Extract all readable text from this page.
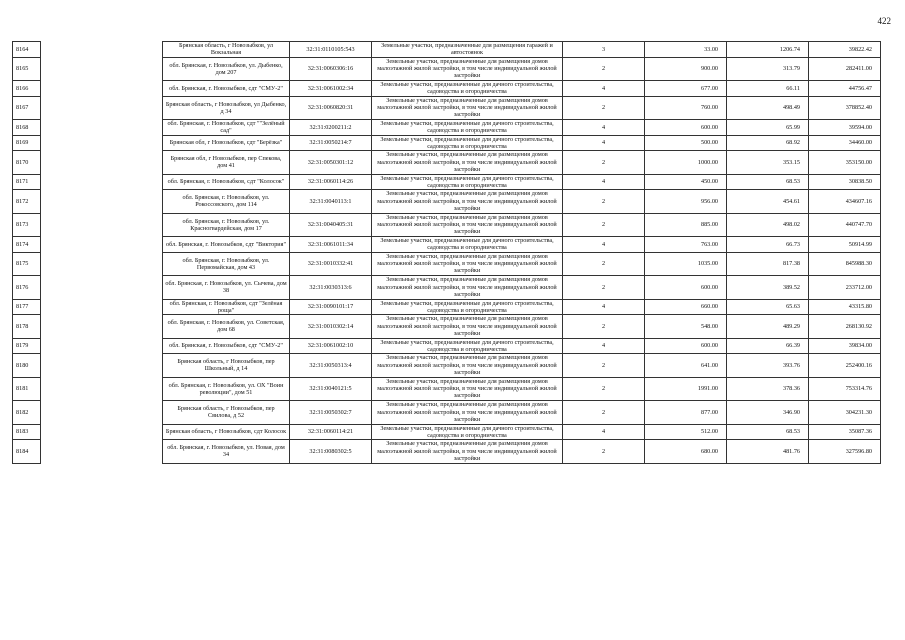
422
8164		Брянская область, г Новозыбков, ул Вокзальная	32:31:0110105:543	Земельные участки, предназначенные для размещения гаражей и автостоянок	3	33.00	1206.74	39822.42
8165		обл. Брянская, г. Новозыбков, ул. Дыбенко, дом 207	32:31:0060306:16	Земельные участки, предназначенные для размещения домов малоэтажной жилой застройки, в том числе индивидуальной жилой застройки	2	900.00	313.79	282411.00
8166		обл. Брянская, г. Новозыбков, сдт "СМУ-2"	32:31:0061002:34	Земельные участки, предназначенные для дачного строительства, садоводства и огородничества	4	677.00	66.11	44756.47
8167		Брянская область, г Новозыбков, ул Дыбенко, д 34	32:31:0060820:31	Земельные участки, предназначенные для размещения домов малоэтажной жилой застройки, в том числе индивидуальной жилой застройки	2	760.00	498.49	378852.40
8168		обл. Брянская, г. Новозыбков, сдт ""Зелёный сад"	32:31:0200211:2	Земельные участки, предназначенные для дачного строительства, садоводства и огородничества	4	600.00	65.99	39594.00
8169		Брянская обл, г Новозыбков, сдт "Берёзка"	32:31:0050214:7	Земельные участки, предназначенные для дачного строительства, садоводства и огородничества	4	500.00	68.92	34460.00
8170		Брянская обл, г Новозыбков, пер Спекова, дом 41	32:31:0050301:12	Земельные участки, предназначенные для размещения домов малоэтажной жилой застройки, в том числе индивидуальной жилой застройки	2	1000.00	353.15	353150.00
8171		обл. Брянская, г. Новозыбков, сдт "Колосок"	32:31:0060114:26	Земельные участки, предназначенные для дачного строительства, садоводства и огородничества	4	450.00	68.53	30838.50
8172		обл. Брянская, г. Новозыбков, ул. Рокоссовского, дом 114	32:31:0040113:1	Земельные участки, предназначенные для размещения домов малоэтажной жилой застройки, в том числе индивидуальной жилой застройки	2	956.00	454.61	434607.16
8173		обл. Брянская, г. Новозыбков, ул. Красногвардейская, дом 17	32:31:0040405:31	Земельные участки, предназначенные для размещения домов малоэтажной жилой застройки, в том числе индивидуальной жилой застройки	2	885.00	498.02	440747.70
8174		обл. Брянская, г. Новозыбков, сдт "Виктория"	32:31:0061011:34	Земельные участки, предназначенные для дачного строительства, садоводства и огородничества	4	763.00	66.73	50914.99
8175		обл. Брянская, г. Новозыбков, ул. Первомайская, дом 43	32:31:0010332:41	Земельные участки, предназначенные для размещения домов малоэтажной жилой застройки, в том числе индивидуальной жилой застройки	2	1035.00	817.38	845988.30
8176		обл. Брянская, г. Новозыбков, ул. Сычева, дом 38	32:31:0030313:6	Земельные участки, предназначенные для размещения домов малоэтажной жилой застройки, в том числе индивидуальной жилой застройки	2	600.00	389.52	233712.00
8177		обл. Брянская, г. Новозыбков, сдт "Зелёная роща"	32:31:0090101:17	Земельные участки, предназначенные для дачного строительства, садоводства и огородничества	4	660.00	65.63	43315.80
8178		обл. Брянская, г. Новозыбков, ул. Советская, дом 68	32:31:0010302:14	Земельные участки, предназначенные для размещения домов малоэтажной жилой застройки, в том числе индивидуальной жилой застройки	2	548.00	489.29	268130.92
8179		обл. Брянская, г. Новозыбков, сдт "СМУ-2"	32:31:0061002:10	Земельные участки, предназначенные для дачного строительства, садоводства и огородничества	4	600.00	66.39	39834.00
8180		Брянская область, г Новозыбков, пер Школьный, д 14	32:31:0050313:4	Земельные участки, предназначенные для размещения домов малоэтажной жилой застройки, в том числе индивидуальной жилой застройки	2	641.00	393.76	252400.16
8181		обл. Брянская, г. Новозыбков, ул. ОХ "Воин революции", дом 51	32:31:0040121:5	Земельные участки, предназначенные для размещения домов малоэтажной жилой застройки, в том числе индивидуальной жилой застройки	2	1991.00	378.36	753314.76
8182		Брянская область, г Новозыбков, пер Свилова, д 52	32:31:0050302:7	Земельные участки, предназначенные для размещения домов малоэтажной жилой застройки, в том числе индивидуальной жилой застройки	2	877.00	346.90	304231.30
8183		Брянская область, г Новозыбков, сдт Колосок	32:31:0060114:21	Земельные участки, предназначенные для дачного строительства, садоводства и огородничества	4	512.00	68.53	35087.36
8184		обл. Брянская, г. Новозыбков, ул. Новая, дом 34	32:31:0080302:5	Земельные участки, предназначенные для размещения домов малоэтажной жилой застройки, в том числе индивидуальной жилой застройки	2	680.00	481.76	327596.80
